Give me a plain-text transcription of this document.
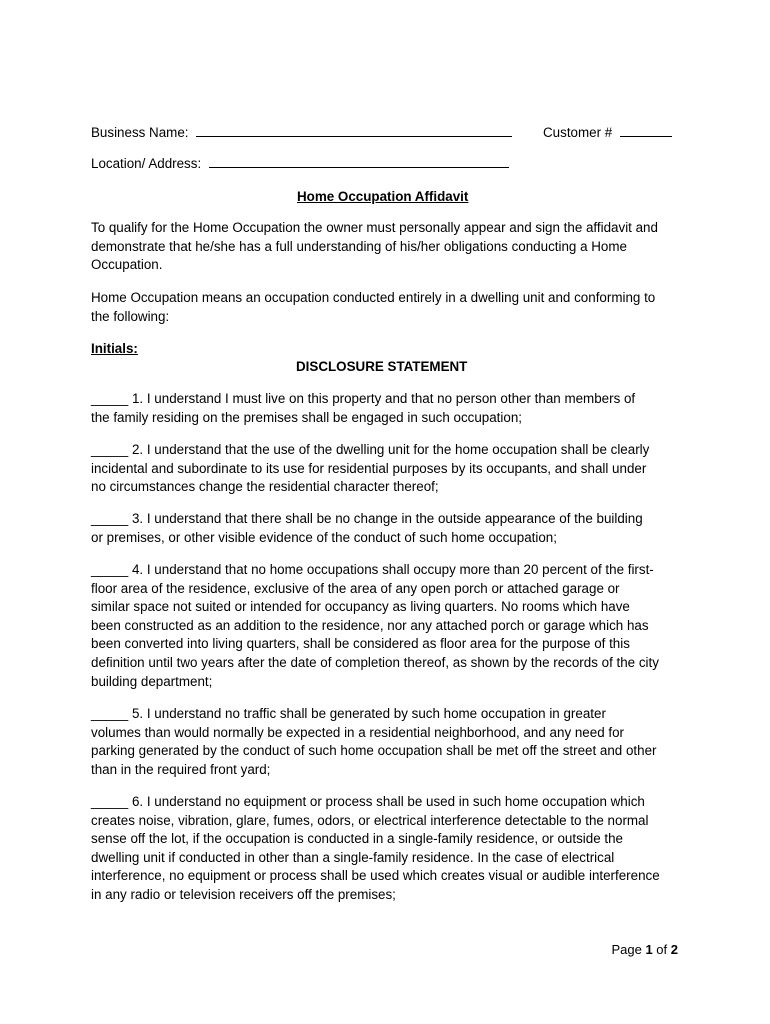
Business Name:	Customer #
Location/ Address:
Home Occupation Affidavit

To qualify for the Home Occupation the owner must personally appear and sign the affidavit and

demonstrate that he/she has a full understanding of his/her obligations conducting a Home

Occupation.

Home Occupation means an occupation conducted entirely in a dwelling unit and conforming to

the following:

Initials:
DISCLOSURE STATEMENT

_____ 1. I understand I must live on this property and that no person other than members of

the family residing on the premises shall be engaged in such occupation;

_____ 2. I understand that the use of the dwelling unit for the home occupation shall be clearly

incidental and subordinate to its use for residential purposes by its occupants, and shall under

no circumstances change the residential character thereof;

_____ 3. I understand that there shall be no change in the outside appearance of the building

or premises, or other visible evidence of the conduct of such home occupation;

_____ 4. I understand that no home occupations shall occupy more than 20 percent of the first-

floor area of the residence, exclusive of the area of any open porch or attached garage or

similar space not suited or intended for occupancy as living quarters. No rooms which have

been constructed as an addition to the residence, nor any attached porch or garage which has

been converted into living quarters, shall be considered as floor area for the purpose of this

definition until two years after the date of completion thereof, as shown by the records of the city

building department;

_____ 5. I understand no traffic shall be generated by such home occupation in greater

volumes than would normally be expected in a residential neighborhood, and any need for

parking generated by the conduct of such home occupation shall be met off the street and other

than in the required front yard;

_____ 6. I understand no equipment or process shall be used in such home occupation which

creates noise, vibration, glare, fumes, odors, or electrical interference detectable to the normal

sense off the lot, if the occupation is conducted in a single-family residence, or outside the

dwelling unit if conducted in other than a single-family residence. In the case of electrical

interference, no equipment or process shall be used which creates visual or audible interference

in any radio or television receivers off the premises;

Page 1 of 2
